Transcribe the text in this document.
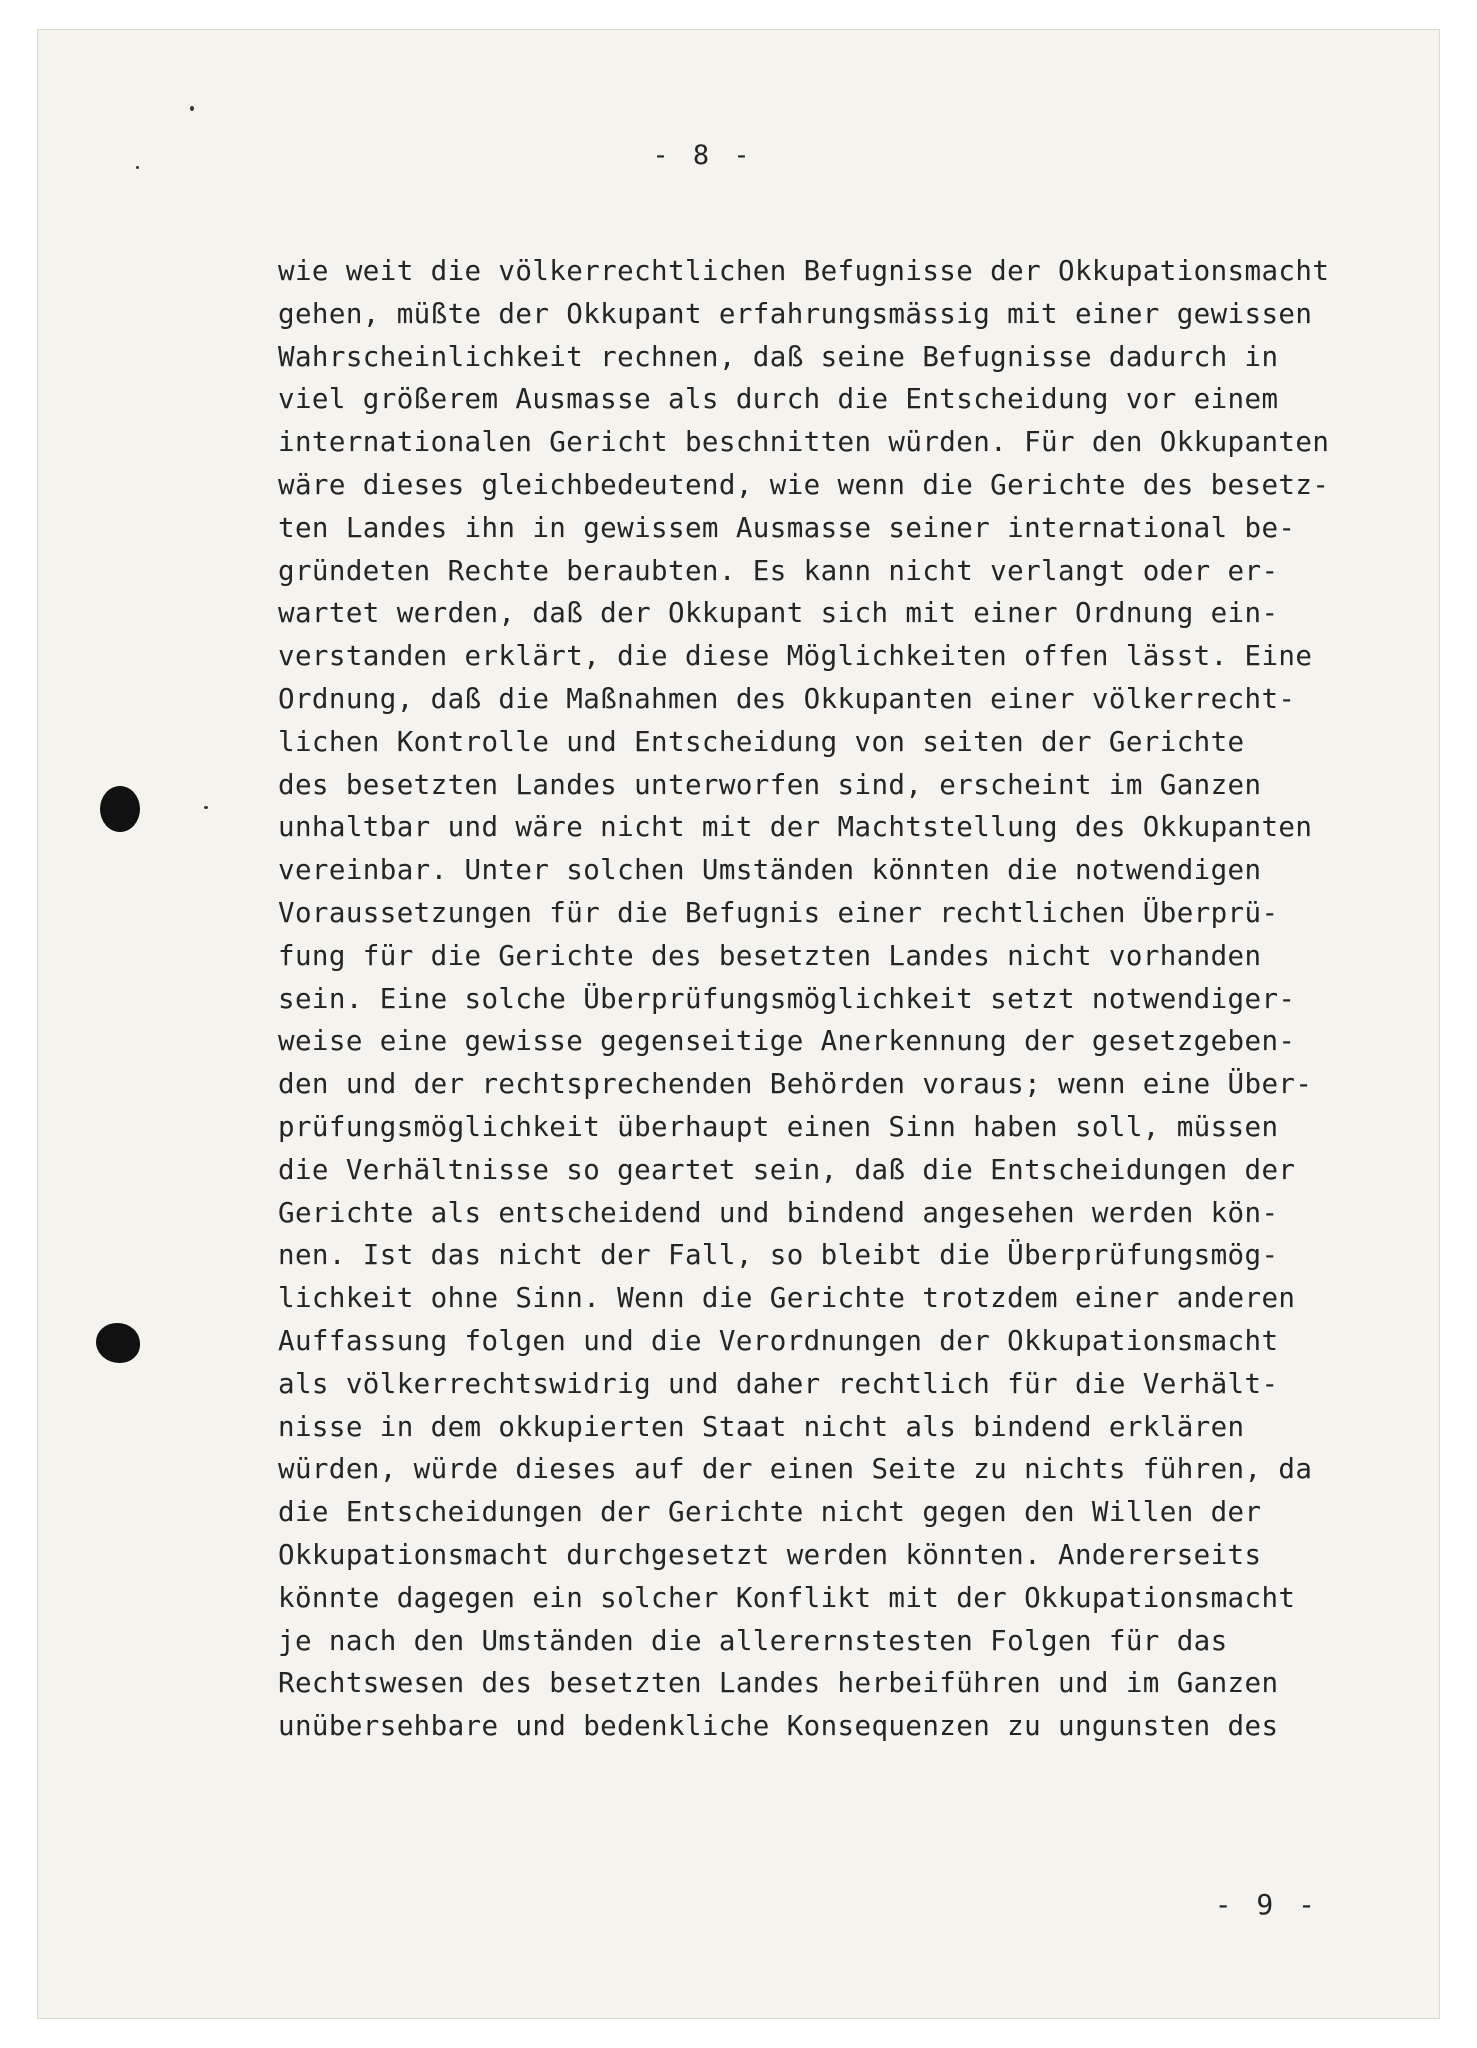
- 8 -
wie weit die völkerrechtlichen Befugnisse der Okkupationsmacht
gehen, müßte der Okkupant erfahrungsmässig mit einer gewissen
Wahrscheinlichkeit rechnen, daß seine Befugnisse dadurch in
viel größerem Ausmasse als durch die Entscheidung vor einem
internationalen Gericht beschnitten würden. Für den Okkupanten
wäre dieses gleichbedeutend, wie wenn die Gerichte des besetz-
ten Landes ihn in gewissem Ausmasse seiner international be-
gründeten Rechte beraubten. Es kann nicht verlangt oder er-
wartet werden, daß der Okkupant sich mit einer Ordnung ein-
verstanden erklärt, die diese Möglichkeiten offen lässt. Eine
Ordnung, daß die Maßnahmen des Okkupanten einer völkerrecht-
lichen Kontrolle und Entscheidung von seiten der Gerichte
des besetzten Landes unterworfen sind, erscheint im Ganzen
unhaltbar und wäre nicht mit der Machtstellung des Okkupanten
vereinbar. Unter solchen Umständen könnten die notwendigen
Voraussetzungen für die Befugnis einer rechtlichen Überprü-
fung für die Gerichte des besetzten Landes nicht vorhanden
sein. Eine solche Überprüfungsmöglichkeit setzt notwendiger-
weise eine gewisse gegenseitige Anerkennung der gesetzgeben-
den und der rechtsprechenden Behörden voraus; wenn eine Über-
prüfungsmöglichkeit überhaupt einen Sinn haben soll, müssen
die Verhältnisse so geartet sein, daß die Entscheidungen der
Gerichte als entscheidend und bindend angesehen werden kön-
nen. Ist das nicht der Fall, so bleibt die Überprüfungsmög-
lichkeit ohne Sinn. Wenn die Gerichte trotzdem einer anderen
Auffassung folgen und die Verordnungen der Okkupationsmacht
als völkerrechtswidrig und daher rechtlich für die Verhält-
nisse in dem okkupierten Staat nicht als bindend erklären
würden, würde dieses auf der einen Seite zu nichts führen, da
die Entscheidungen der Gerichte nicht gegen den Willen der
Okkupationsmacht durchgesetzt werden könnten. Andererseits
könnte dagegen ein solcher Konflikt mit der Okkupationsmacht
je nach den Umständen die allerernstesten Folgen für das
Rechtswesen des besetzten Landes herbeiführen und im Ganzen
unübersehbare und bedenkliche Konsequenzen zu ungunsten des
- 9 -
